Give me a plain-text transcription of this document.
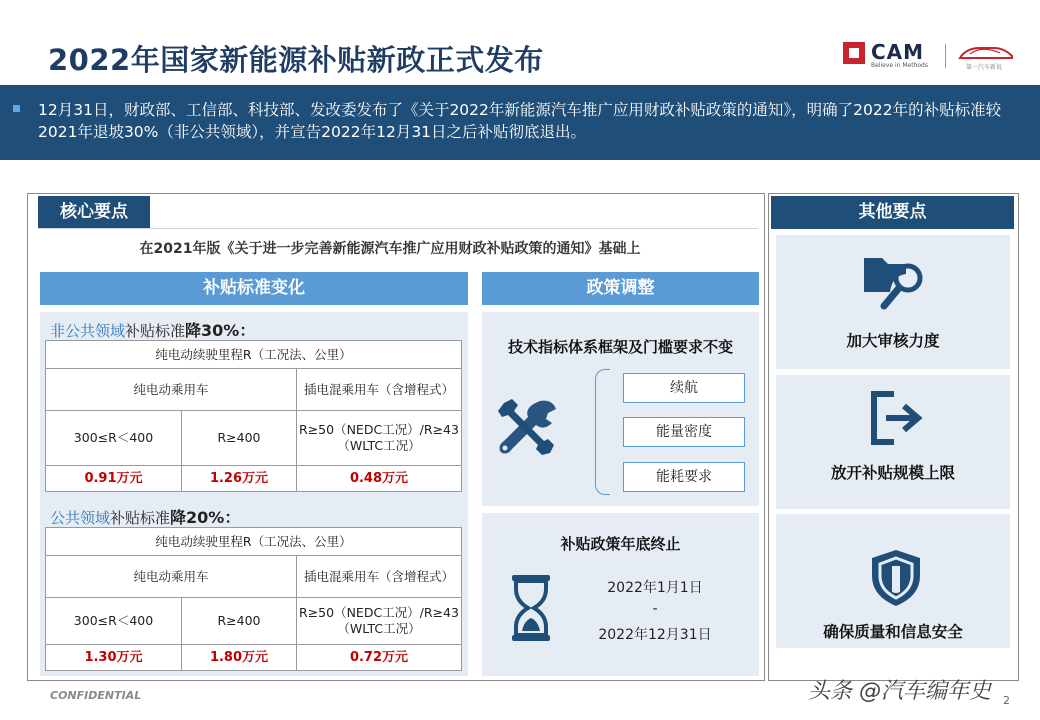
2022年国家新能源补贴新政正式发布	CAM
Believe in Methods	第一汽车新说
12月31日，财政部、工信部、科技部、发改委发布了《关于2022年新能源汽车推广应用财政补贴政策的通知》，明确了2022年的补贴标准较2021年退坡30%（非公共领域），并宣告2022年12月31日之后补贴彻底退出。
核心要点
在2021年版《关于进一步完善新能源汽车推广应用财政补贴政策的通知》基础上
补贴标准变化	政策调整
非公共领域补贴标准降30%：
纯电动续驶里程R（工况法、公里）		
纯电动乘用车		插电混乘用车（含增程式）
300≤R＜400	R≥400	R≥50（NEDC工况）/R≥43（WLTC工况）
0.91万元	1.26万元	0.48万元
公共领域补贴标准降20%：
纯电动续驶里程R（工况法、公里）		
纯电动乘用车		插电混乘用车（含增程式）
300≤R＜400	R≥400	R≥50（NEDC工况）/R≥43（WLTC工况）
1.30万元	1.80万元	0.72万元
技术指标体系框架及门槛要求不变
续航
能量密度
能耗要求
补贴政策年底终止
2022年1月1日
-
2022年12月31日
其他要点
加大审核力度
放开补贴规模上限
确保质量和信息安全
CONFIDENTIAL	头条 @汽车编年史 2
